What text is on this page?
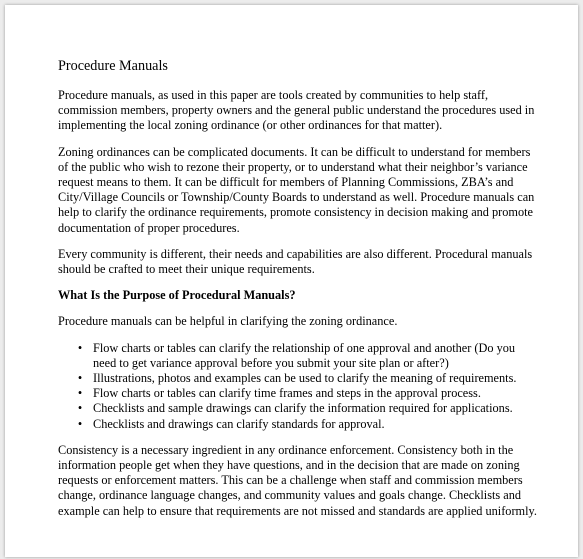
Procedure Manuals

Procedure manuals, as used in this paper are tools created by communities to help staff, commission members, property owners and the general public understand the procedures used in implementing the local zoning ordinance (or other ordinances for that matter).

Zoning ordinances can be complicated documents. It can be difficult to understand for members of the public who wish to rezone their property, or to understand what their neighbor’s variance request means to them. It can be difficult for members of Planning Commissions, ZBA’s and City/Village Councils or Township/County Boards to understand as well. Procedure manuals can help to clarify the ordinance requirements, promote consistency in decision making and promote documentation of proper procedures.

Every community is different, their needs and capabilities are also different. Procedural manuals should be crafted to meet their unique requirements.

What Is the Purpose of Procedural Manuals?

Procedure manuals can be helpful in clarifying the zoning ordinance.

• Flow charts or tables can clarify the relationship of one approval and another (Do you need to get variance approval before you submit your site plan or after?)
• Illustrations, photos and examples can be used to clarify the meaning of requirements.
• Flow charts or tables can clarify time frames and steps in the approval process.
• Checklists and sample drawings can clarify the information required for applications.
• Checklists and drawings can clarify standards for approval.

Consistency is a necessary ingredient in any ordinance enforcement. Consistency both in the information people get when they have questions, and in the decision that are made on zoning requests or enforcement matters. This can be a challenge when staff and commission members change, ordinance language changes, and community values and goals change. Checklists and example can help to ensure that requirements are not missed and standards are applied uniformly.
